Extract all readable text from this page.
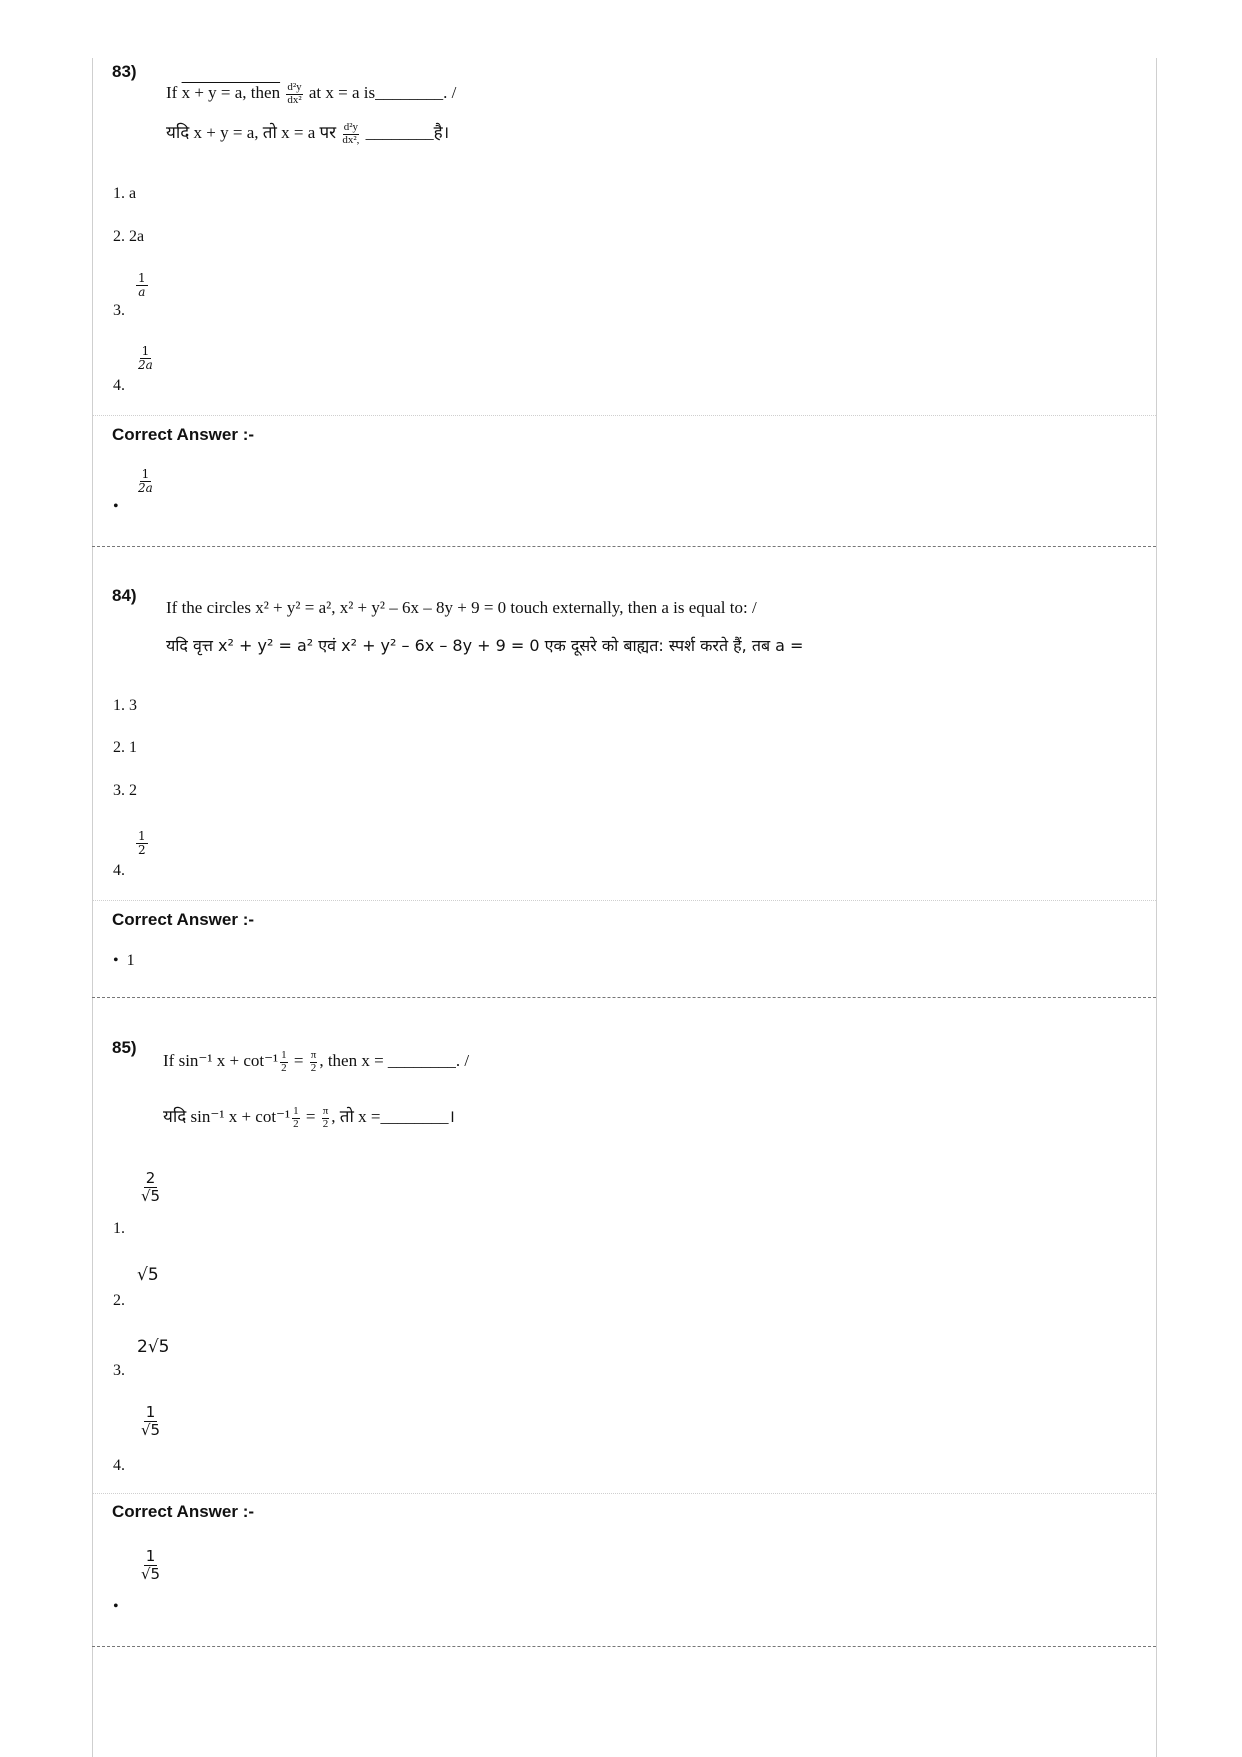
83)
If x + y = a, then $\frac{\text{d²y}}{\text{dx²}}$ at x = a is________. /
यदि x + y = a, तो x = a पर $\frac{\text{d²y}}{\text{dx²,}}$ ________है।
1. a
2. 2a
$\frac{1}{a}$
3.
$\frac{1}{2a}$
4.
Correct Answer :-
$\frac{1}{2a}$
•
84)
If the circles x² + y² = a², x² + y² – 6x – 8y + 9 = 0 touch externally, then a is equal to: /
यदि वृत्त x² + y² = a² एवं x² + y² – 6x – 8y + 9 = 0 एक दूसरे को बाह्यत: स्पर्श करते हैं, तब a =
1. 3
2. 1
3. 2
$\frac{1}{2}$
4.
Correct Answer :-
• 1
85)
If sin⁻¹ $x + \cot^{-1} \frac{1}{2} = \frac{\pi}{2}$ , then x = ________. /
यदि sin⁻¹ $x + \cot^{-1} \frac{1}{2} = \frac{\pi}{2}$ , तो x =________।
$\frac{2}{√5}$
1.
√5
2.
2√5
3.
$\frac{1}{√5}$
4.
Correct Answer :-
$\frac{1}{√5}$
•
